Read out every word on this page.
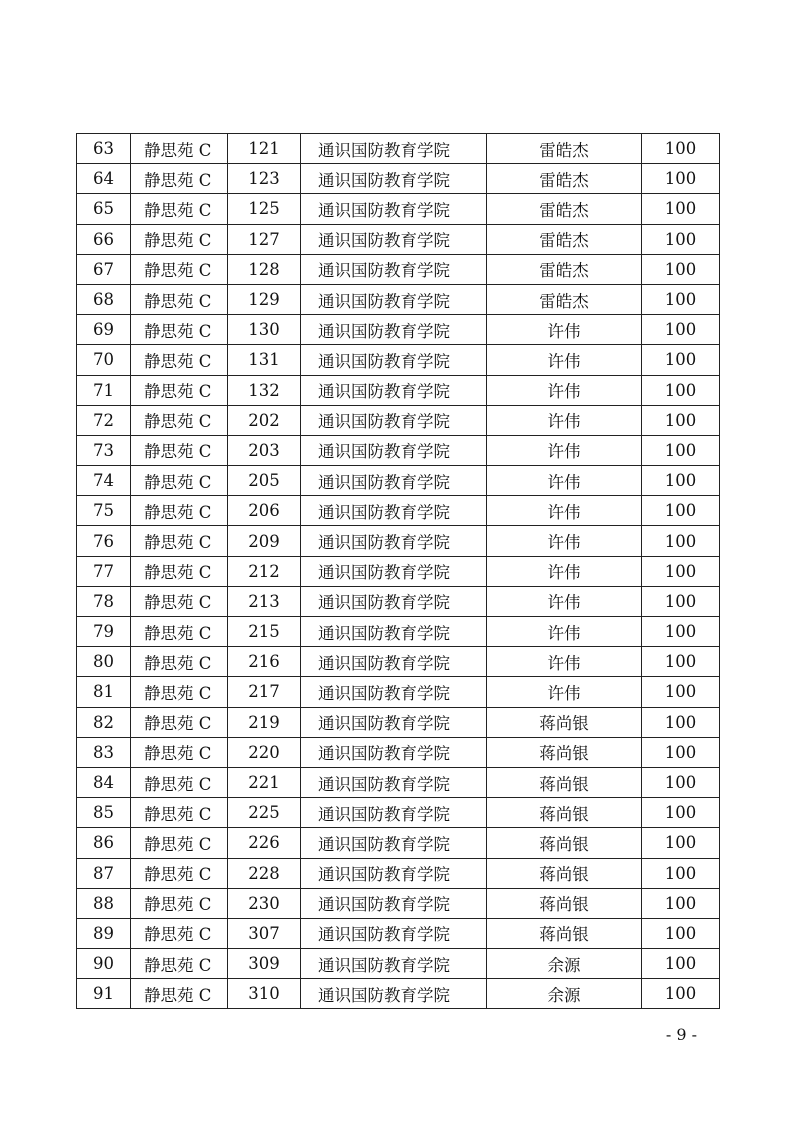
63	静思苑 C	121	通识国防教育学院	雷皓杰	100
64	静思苑 C	123	通识国防教育学院	雷皓杰	100
65	静思苑 C	125	通识国防教育学院	雷皓杰	100
66	静思苑 C	127	通识国防教育学院	雷皓杰	100
67	静思苑 C	128	通识国防教育学院	雷皓杰	100
68	静思苑 C	129	通识国防教育学院	雷皓杰	100
69	静思苑 C	130	通识国防教育学院	许伟	100
70	静思苑 C	131	通识国防教育学院	许伟	100
71	静思苑 C	132	通识国防教育学院	许伟	100
72	静思苑 C	202	通识国防教育学院	许伟	100
73	静思苑 C	203	通识国防教育学院	许伟	100
74	静思苑 C	205	通识国防教育学院	许伟	100
75	静思苑 C	206	通识国防教育学院	许伟	100
76	静思苑 C	209	通识国防教育学院	许伟	100
77	静思苑 C	212	通识国防教育学院	许伟	100
78	静思苑 C	213	通识国防教育学院	许伟	100
79	静思苑 C	215	通识国防教育学院	许伟	100
80	静思苑 C	216	通识国防教育学院	许伟	100
81	静思苑 C	217	通识国防教育学院	许伟	100
82	静思苑 C	219	通识国防教育学院	蒋尚银	100
83	静思苑 C	220	通识国防教育学院	蒋尚银	100
84	静思苑 C	221	通识国防教育学院	蒋尚银	100
85	静思苑 C	225	通识国防教育学院	蒋尚银	100
86	静思苑 C	226	通识国防教育学院	蒋尚银	100
87	静思苑 C	228	通识国防教育学院	蒋尚银	100
88	静思苑 C	230	通识国防教育学院	蒋尚银	100
89	静思苑 C	307	通识国防教育学院	蒋尚银	100
90	静思苑 C	309	通识国防教育学院	余源	100
91	静思苑 C	310	通识国防教育学院	余源	100
- 9 -
